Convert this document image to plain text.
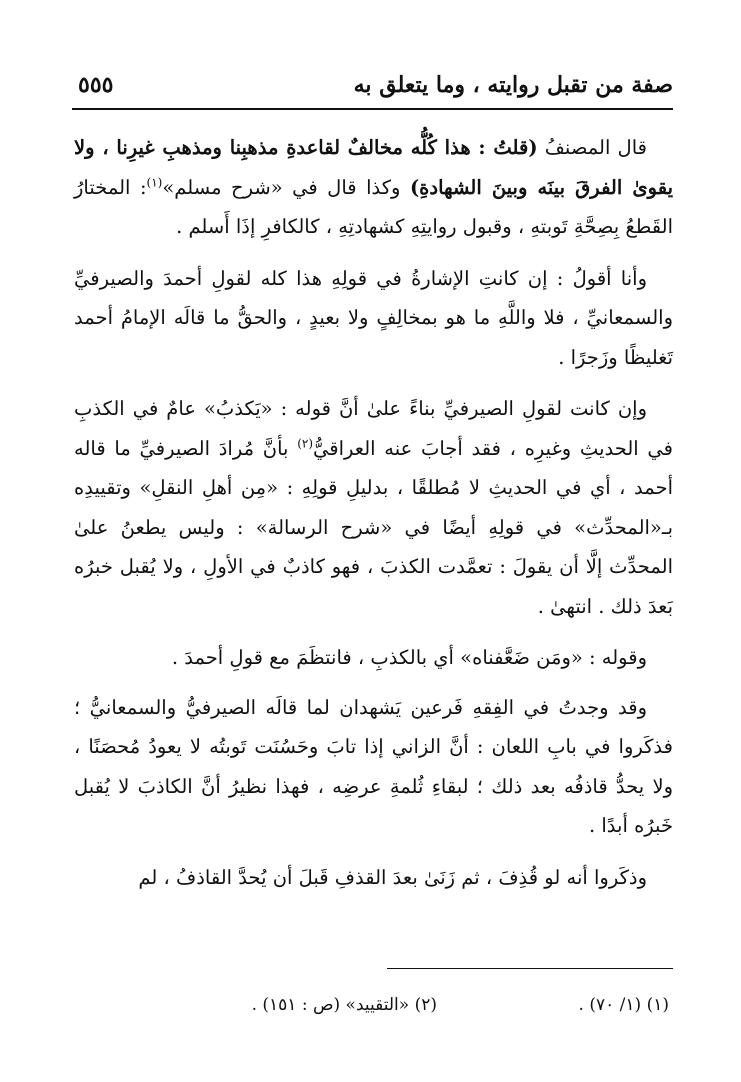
صفة من تقبل روايته ، وما يتعلق به
٥٥٥

قال المصنفُ (قلتُ : هذا كُلُّه مخالفٌ لقاعدةِ مذهبِنا ومذهبِ غيرِنا ، ولا يقوىٰ الفرقَ بينَه وبينَ الشهادةِ) وكذا قال في «شرح مسلم»$^{(١)}$: المختارُ القَطعُ بِصِحَّةِ تَوبتهِ ، وقبول روايتِهِ كشهادتِهِ ، كالكافرِ إذَا أَسلم .

وأنا أقولُ : إن كانتِ الإشارةُ في قولِهِ هذا كله لقولِ أحمدَ والصيرفيِّ والسمعانيِّ ، فلا واللَّهِ ما هو بمخالِفٍ ولا بعيدٍ ، والحقُّ ما قالَه الإمامُ أحمد تَغليظًا وزَجرًا .

وإن كانت لقولِ الصيرفيِّ بناءً علىٰ أنَّ قوله : «يَكذبُ» عامٌ في الكذبِ في الحديثِ وغيرِه ، فقد أجابَ عنه العراقيُّ$^{(٢)}$ بأنَّ مُرادَ الصيرفيِّ ما قاله أحمد ، أي في الحديثِ لا مُطلقًا ، بدليلِ قولِهِ : «مِن أهلِ النقلِ» وتقييدِه بـ«المحدِّث» في قولِهِ أيضًا في «شرح الرسالة» : وليس يطعنُ علىٰ المحدِّث إلَّا أن يقولَ : تعمَّدت الكذبَ ، فهو كاذبٌ في الأولِ ، ولا يُقبل خبرُه بَعدَ ذلك . انتهىٰ .

وقوله : «ومَن ضَعَّفناه» أي بالكذبِ ، فانتظَمَ مع قولِ أحمدَ .

وقد وجدتُ في الفِقهِ فَرعين يَشهدان لما قالَه الصيرفيُّ والسمعانيُّ ؛ فذكَروا في بابِ اللعان : أنَّ الزاني إذا تابَ وحَسُنَت تَوبتُه لا يعودُ مُحصَنًا ، ولا يحدُّ قاذفُه بعد ذلك ؛ لبقاءِ ثُلمةِ عرضِه ، فهذا نظيرُ أنَّ الكاذبَ لا يُقبل خَبرُه أبدًا .

وذكَروا أنه لو قُذِفَ ، ثم زَنَىٰ بعدَ القذفِ قَبلَ أن يُحدَّ القاذفُ ، لم

(١) (١/ ٧٠) .
(٢) «التقييد» (ص : ١٥١) .
